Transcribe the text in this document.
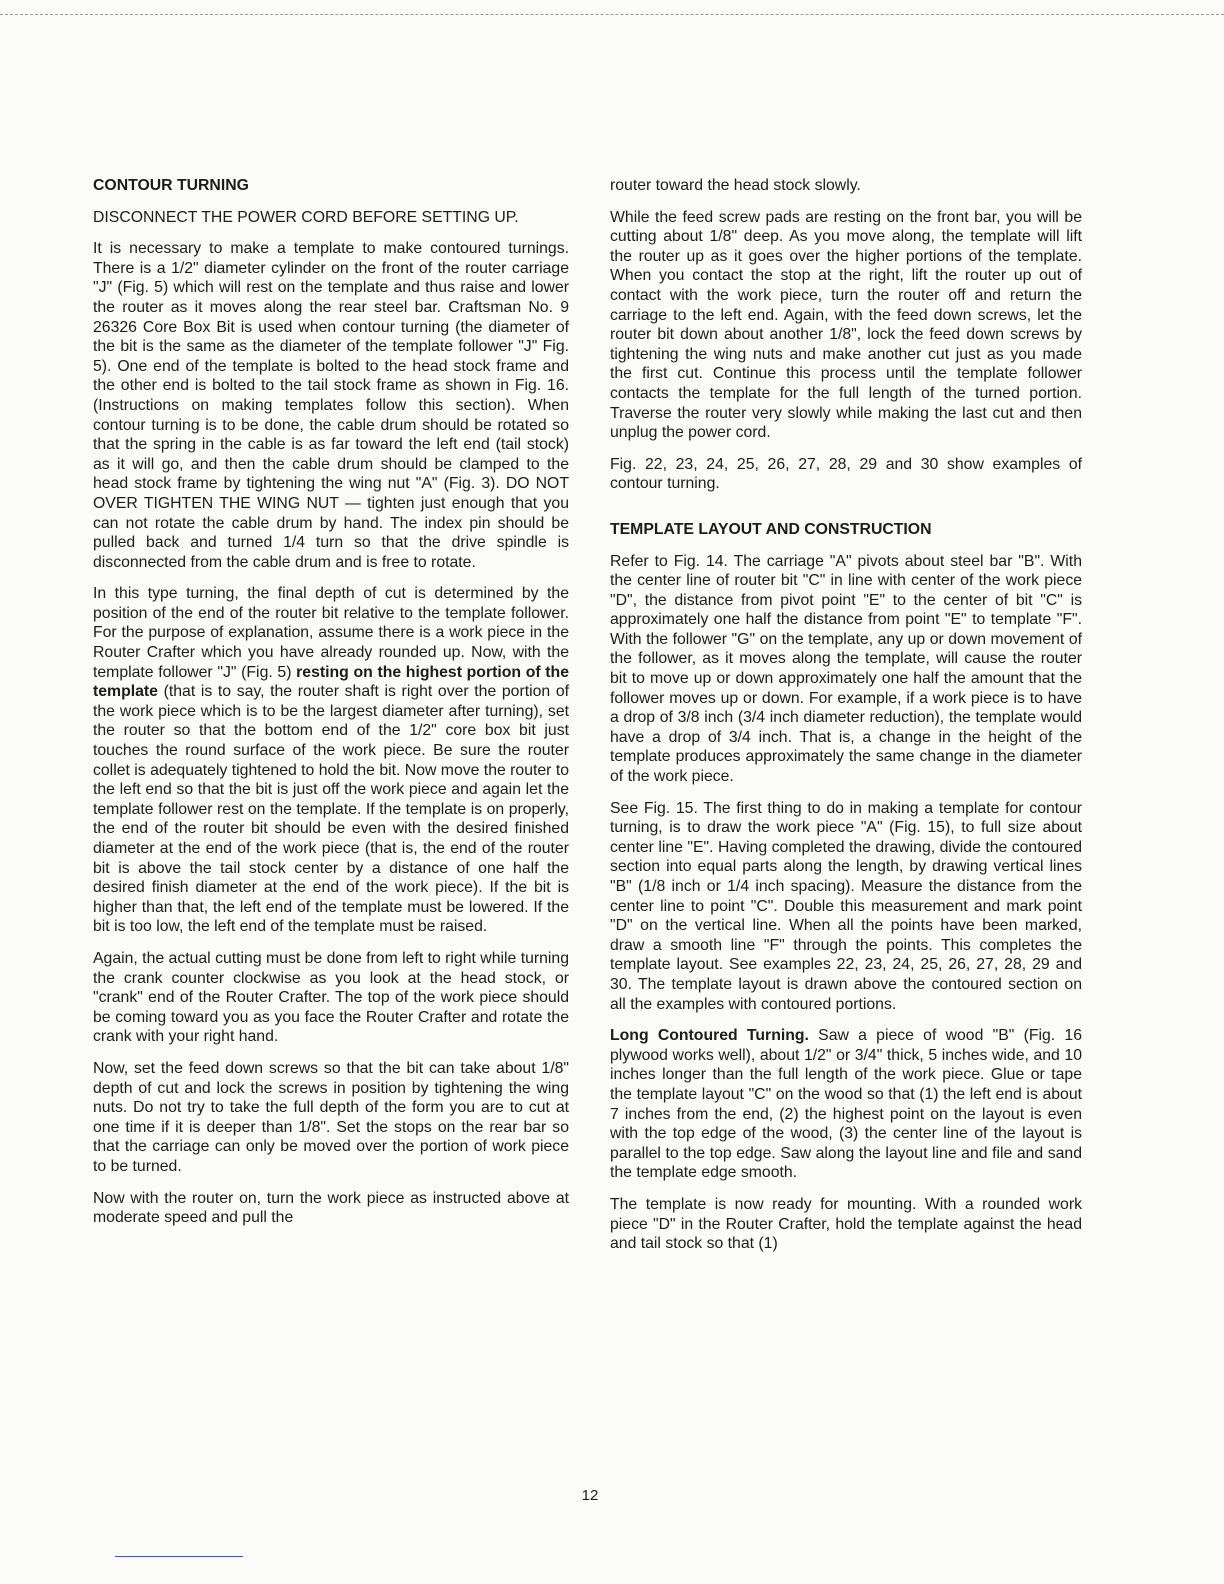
CONTOUR TURNING

DISCONNECT THE POWER CORD BEFORE SETTING UP.

It is necessary to make a template to make contoured turnings. There is a 1/2" diameter cylinder on the front of the router carriage "J" (Fig. 5) which will rest on the template and thus raise and lower the router as it moves along the rear steel bar. Craftsman No. 9 26326 Core Box Bit is used when contour turning (the diameter of the bit is the same as the diameter of the template follower "J" Fig. 5). One end of the template is bolted to the head stock frame and the other end is bolted to the tail stock frame as shown in Fig. 16. (Instructions on making templates follow this section). When contour turning is to be done, the cable drum should be rotated so that the spring in the cable is as far toward the left end (tail stock) as it will go, and then the cable drum should be clamped to the head stock frame by tightening the wing nut "A" (Fig. 3). DO NOT OVER TIGHTEN THE WING NUT — tighten just enough that you can not rotate the cable drum by hand. The index pin should be pulled back and turned 1/4 turn so that the drive spindle is disconnected from the cable drum and is free to rotate.

In this type turning, the final depth of cut is determined by the position of the end of the router bit relative to the template follower. For the purpose of explanation, assume there is a work piece in the Router Crafter which you have already rounded up. Now, with the template follower "J" (Fig. 5) resting on the highest portion of the template (that is to say, the router shaft is right over the portion of the work piece which is to be the largest diameter after turning), set the router so that the bottom end of the 1/2" core box bit just touches the round surface of the work piece. Be sure the router collet is adequately tightened to hold the bit. Now move the router to the left end so that the bit is just off the work piece and again let the template follower rest on the template. If the template is on properly, the end of the router bit should be even with the desired finished diameter at the end of the work piece (that is, the end of the router bit is above the tail stock center by a distance of one half the desired finish diameter at the end of the work piece). If the bit is higher than that, the left end of the template must be lowered. If the bit is too low, the left end of the template must be raised.

Again, the actual cutting must be done from left to right while turning the crank counter clockwise as you look at the head stock, or "crank" end of the Router Crafter. The top of the work piece should be coming toward you as you face the Router Crafter and rotate the crank with your right hand.

Now, set the feed down screws so that the bit can take about 1/8" depth of cut and lock the screws in position by tightening the wing nuts. Do not try to take the full depth of the form you are to cut at one time if it is deeper than 1/8". Set the stops on the rear bar so that the carriage can only be moved over the portion of work piece to be turned.

Now with the router on, turn the work piece as instructed above at moderate speed and pull the

router toward the head stock slowly.

While the feed screw pads are resting on the front bar, you will be cutting about 1/8" deep. As you move along, the template will lift the router up as it goes over the higher portions of the template. When you contact the stop at the right, lift the router up out of contact with the work piece, turn the router off and return the carriage to the left end. Again, with the feed down screws, let the router bit down about another 1/8", lock the feed down screws by tightening the wing nuts and make another cut just as you made the first cut. Continue this process until the template follower contacts the template for the full length of the turned portion. Traverse the router very slowly while making the last cut and then unplug the power cord.

Fig. 22, 23, 24, 25, 26, 27, 28, 29 and 30 show examples of contour turning.

TEMPLATE LAYOUT AND CONSTRUCTION

Refer to Fig. 14. The carriage "A" pivots about steel bar "B". With the center line of router bit "C" in line with center of the work piece "D", the distance from pivot point "E" to the center of bit "C" is approximately one half the distance from point "E" to template "F". With the follower "G" on the template, any up or down movement of the follower, as it moves along the template, will cause the router bit to move up or down approximately one half the amount that the follower moves up or down. For example, if a work piece is to have a drop of 3/8 inch (3/4 inch diameter reduction), the template would have a drop of 3/4 inch. That is, a change in the height of the template produces approximately the same change in the diameter of the work piece.

See Fig. 15. The first thing to do in making a template for contour turning, is to draw the work piece "A" (Fig. 15), to full size about center line "E". Having completed the drawing, divide the contoured section into equal parts along the length, by drawing vertical lines "B" (1/8 inch or 1/4 inch spacing). Measure the distance from the center line to point "C". Double this measurement and mark point "D" on the vertical line. When all the points have been marked, draw a smooth line "F" through the points. This completes the template layout. See examples 22, 23, 24, 25, 26, 27, 28, 29 and 30. The template layout is drawn above the contoured section on all the examples with contoured portions.

Long Contoured Turning. Saw a piece of wood "B" (Fig. 16 plywood works well), about 1/2" or 3/4" thick, 5 inches wide, and 10 inches longer than the full length of the work piece. Glue or tape the template layout "C" on the wood so that (1) the left end is about 7 inches from the end, (2) the highest point on the layout is even with the top edge of the wood, (3) the center line of the layout is parallel to the top edge. Saw along the layout line and file and sand the template edge smooth.

The template is now ready for mounting. With a rounded work piece "D" in the Router Crafter, hold the template against the head and tail stock so that (1)

12
